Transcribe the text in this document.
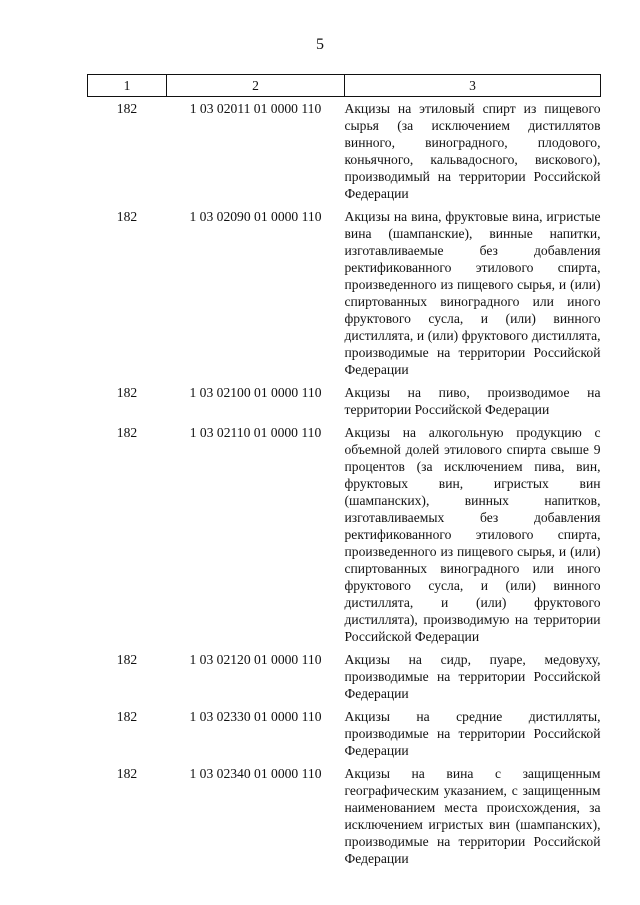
5
1	2	3
182	1 03 02011 01 0000 110	Акцизы на этиловый спирт из пищевого сырья (за исключением дистиллятов винного, виноградного, плодового, коньячного, кальвадосного, вискового), производимый на территории Российской Федерации
182	1 03 02090 01 0000 110	Акцизы на вина, фруктовые вина, игристые вина (шампанские), винные напитки, изготавливаемые без добавления ректификованного этилового спирта, произведенного из пищевого сырья, и (или) спиртованных виноградного или иного фруктового сусла, и (или) винного дистиллята, и (или) фруктового дистиллята, производимые на территории Российской Федерации
182	1 03 02100 01 0000 110	Акцизы на пиво, производимое на территории Российской Федерации
182	1 03 02110 01 0000 110	Акцизы на алкогольную продукцию с объемной долей этилового спирта свыше 9 процентов (за исключением пива, вин, фруктовых вин, игристых вин (шампанских), винных напитков, изготавливаемых без добавления ректификованного этилового спирта, произведенного из пищевого сырья, и (или) спиртованных виноградного или иного фруктового сусла, и (или) винного дистиллята, и (или) фруктового дистиллята), производимую на территории Российской Федерации
182	1 03 02120 01 0000 110	Акцизы на сидр, пуаре, медовуху, производимые на территории Российской Федерации
182	1 03 02330 01 0000 110	Акцизы на средние дистилляты, производимые на территории Российской Федерации
182	1 03 02340 01 0000 110	Акцизы на вина с защищенным географическим указанием, с защищенным наименованием места происхождения, за исключением игристых вин (шампанских), производимые на территории Российской Федерации
